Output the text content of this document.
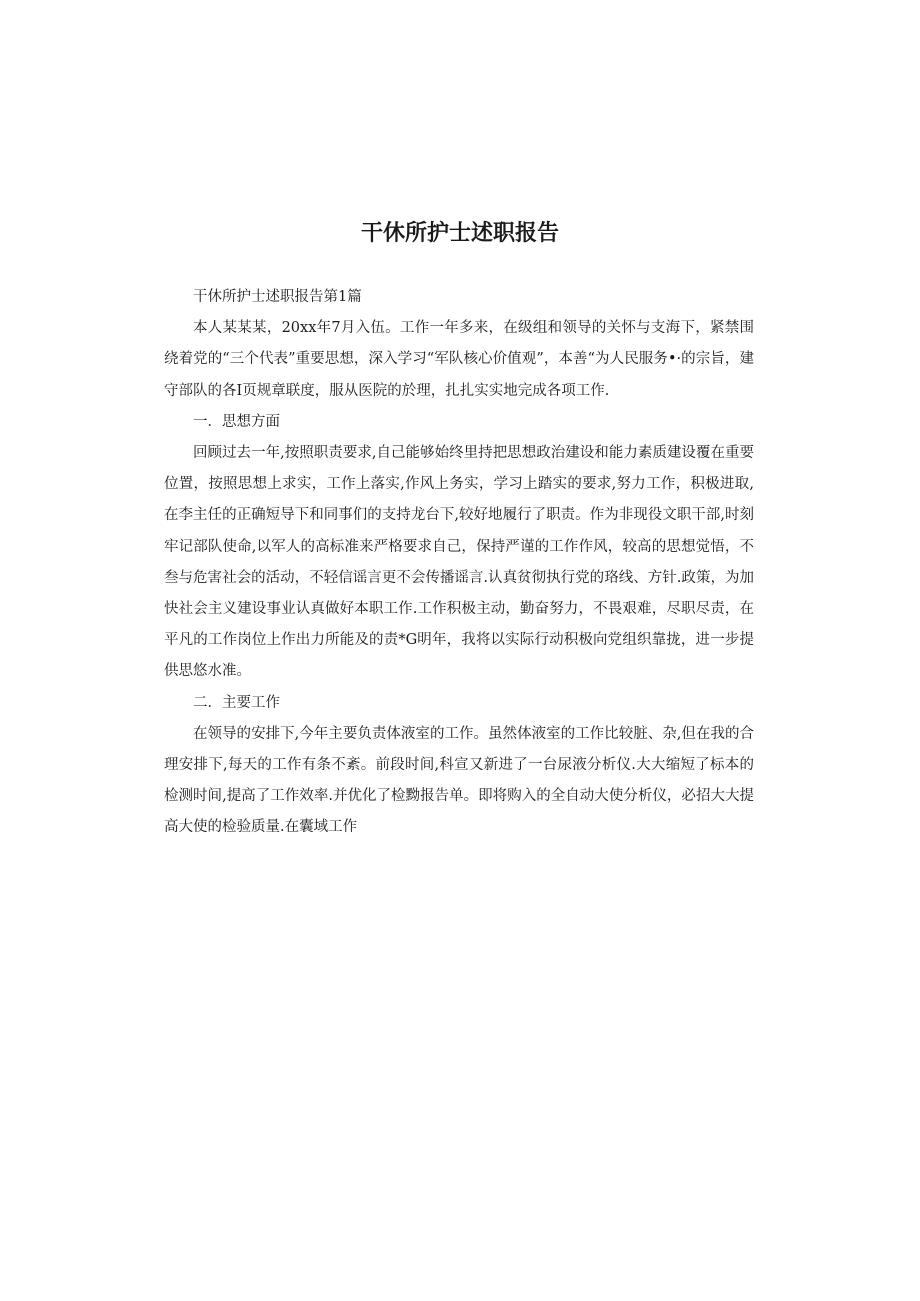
干休所护士述职报告

干休所护士述职报告第1篇

本人某某某，20xx年7月入伍。工作一年多来，在级组和领导的关怀与支海下，紧禁围绕着党的“三个代表”重要思想，深入学习“军队核心价值观”，本善“为人民服务•·的宗旨，建守部队的各I页规章联度，服从医院的於理，扎扎实实地完成各项工作.

一．思想方面

回顾过去一年,按照职责要求,自己能够始终里持把思想政治建设和能力素质建设覆在重要位置，按照思想上求实，工作上落实,作风上务实，学习上踏实的要求,努力工作，积极进取,在李主任的正确短导下和同事们的支持龙台下,较好地履行了职责。作为非现役文职干部,时刻牢记部队使命,以军人的高标准来严格要求自己，保持严谨的工作作风，较高的思想觉悟，不叁与危害社会的活动，不轻信谣言更不会传播谣言.认真贫彻执行党的珞线、方针.政策，为加快社会主义建设事业认真做好本职工作.工作积极主动，勤奋努力，不畏艰难，尽职尽责，在平凡的工作岗位上作出力所能及的责*G明年，我将以实际行动积极向党组织靠拢，进一步提供思悠水准。

二．主要工作

在领导的安排下,今年主要负责体液室的工作。虽然体液室的工作比较脏、杂,但在我的合理安排下,每天的工作有条不紊。前段时间,科宣又新进了一台尿液分析仪.大大缩短了标本的检测时间,提高了工作效率.并优化了检黝报告单。即将购入的全自动大使分析仪，必招大大提高大使的检验质量.在囊域工作
